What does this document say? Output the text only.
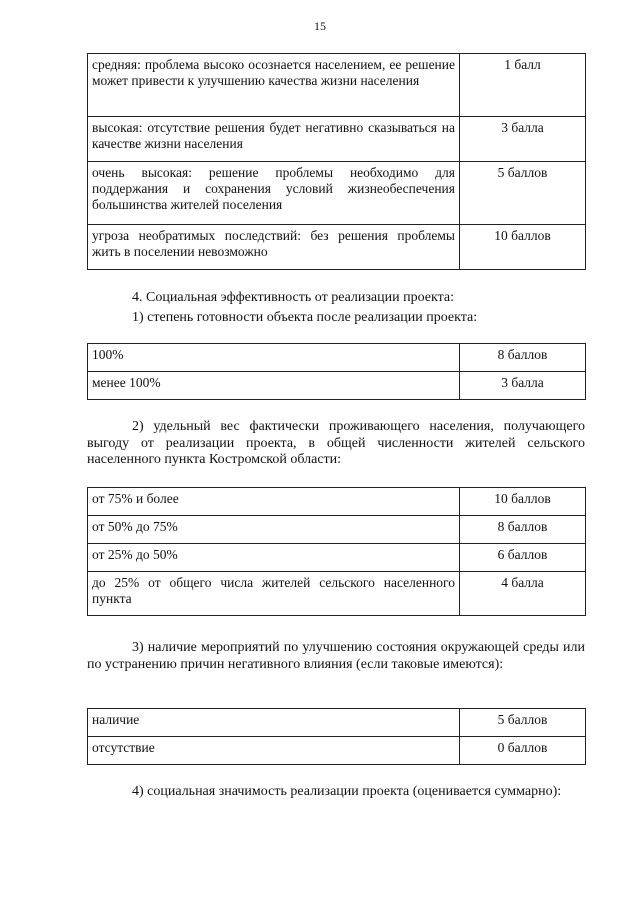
15
средняя: проблема высоко осознается населением, ее решение может привести к улучшению качества жизни населения	1 балл
высокая: отсутствие решения будет негативно сказываться на качестве жизни населения	3 балла
очень высокая: решение проблемы необходимо для поддержания и сохранения условий жизнеобеспечения большинства жителей поселения	5 баллов
угроза необратимых последствий: без решения проблемы жить в поселении невозможно	10 баллов
4. Социальная эффективность от реализации проекта:
1) степень готовности объекта после реализации проекта:
100%	8 баллов
менее 100%	3 балла
2) удельный вес фактически проживающего населения, получающего выгоду от реализации проекта, в общей численности жителей сельского населенного пункта Костромской области:
от 75% и более	10 баллов
от 50% до 75%	8 баллов
от 25% до 50%	6 баллов
до 25% от общего числа жителей сельского населенного пункта	4 балла
3) наличие мероприятий по улучшению состояния окружающей среды или по устранению причин негативного влияния (если таковые имеются):
наличие	5 баллов
отсутствие	0 баллов
4) социальная значимость реализации проекта (оценивается суммарно):
